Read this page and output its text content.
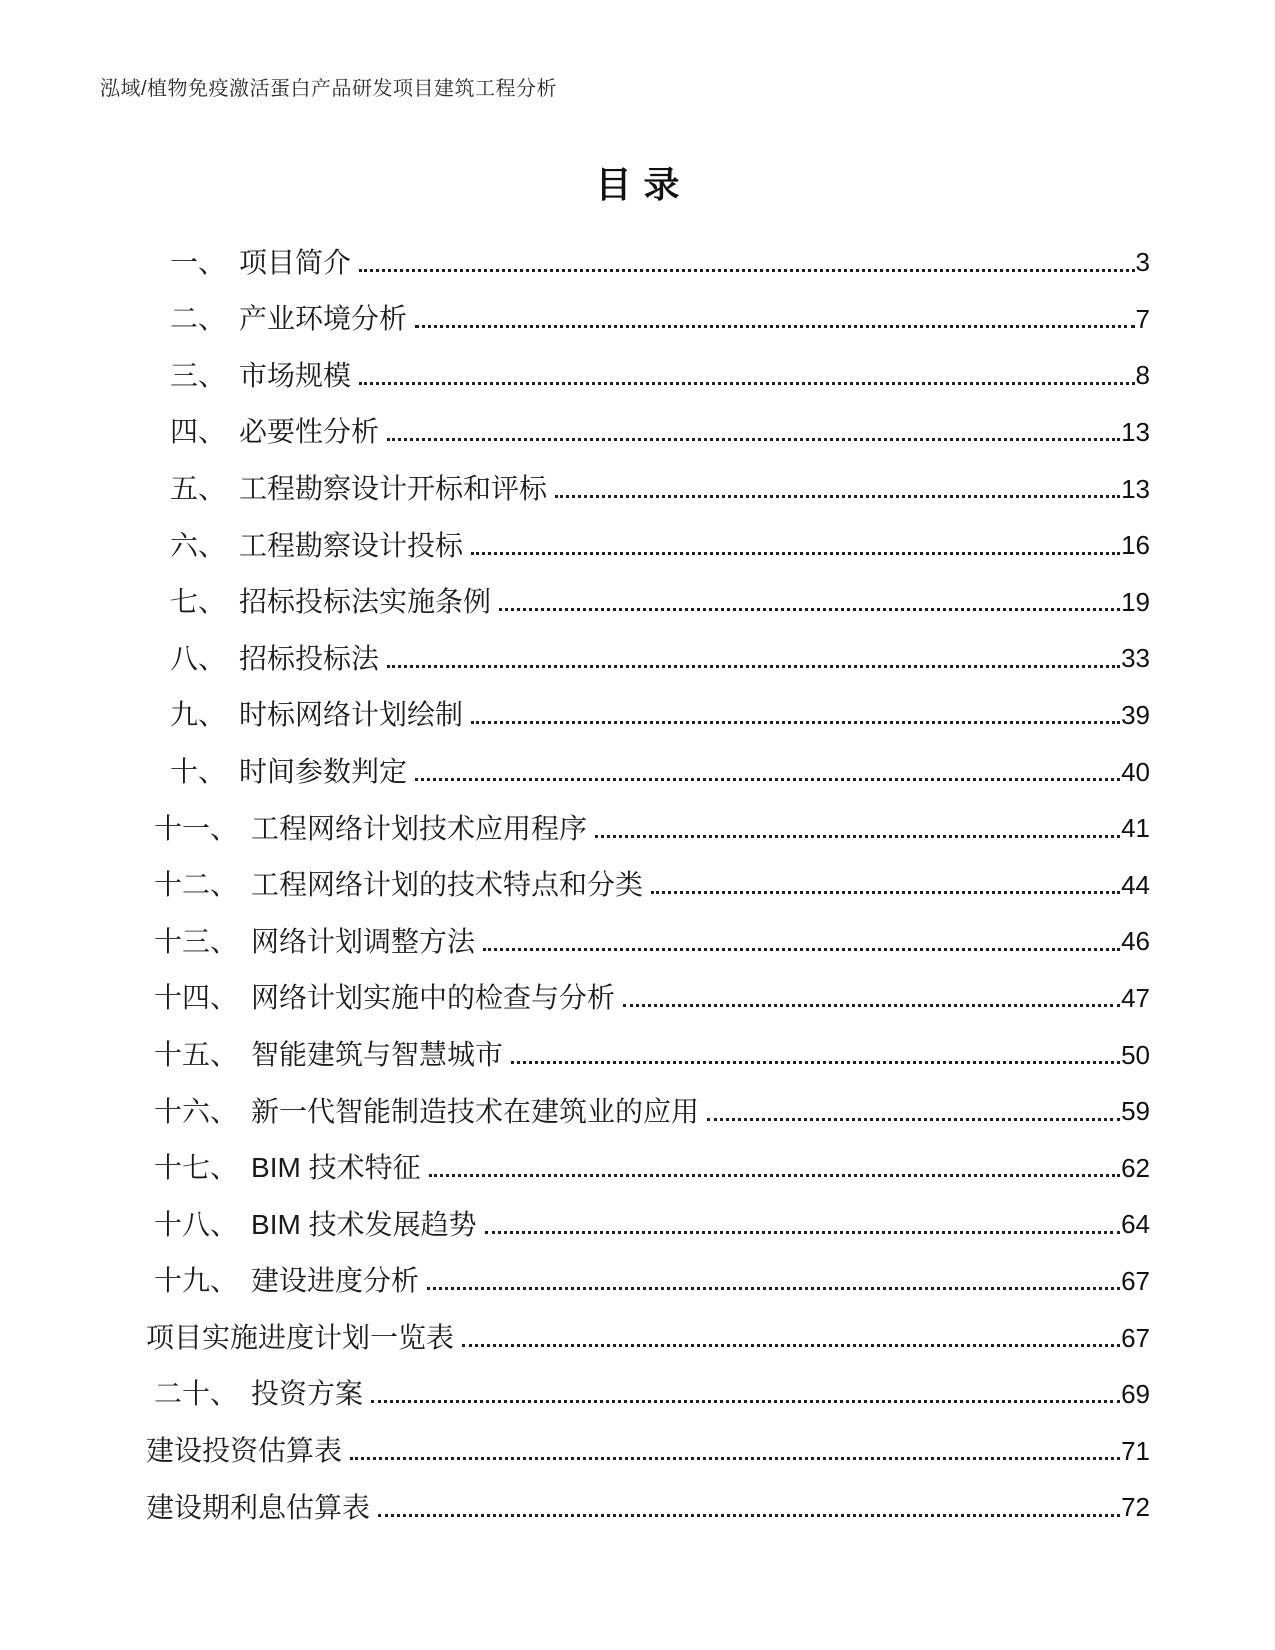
泓域/植物免疫激活蛋白产品研发项目建筑工程分析
目录
一、 项目简介	3
二、 产业环境分析	7
三、 市场规模	8
四、 必要性分析	13
五、 工程勘察设计开标和评标	13
六、 工程勘察设计投标	16
七、 招标投标法实施条例	19
八、 招标投标法	33
九、 时标网络计划绘制	39
十、 时间参数判定	40
十一、 工程网络计划技术应用程序	41
十二、 工程网络计划的技术特点和分类	44
十三、 网络计划调整方法	46
十四、 网络计划实施中的检查与分析	47
十五、 智能建筑与智慧城市	50
十六、 新一代智能制造技术在建筑业的应用	59
十七、 BIM 技术特征	62
十八、 BIM 技术发展趋势	64
十九、 建设进度分析	67
项目实施进度计划一览表	67
二十、 投资方案	69
建设投资估算表	71
建设期利息估算表	72
